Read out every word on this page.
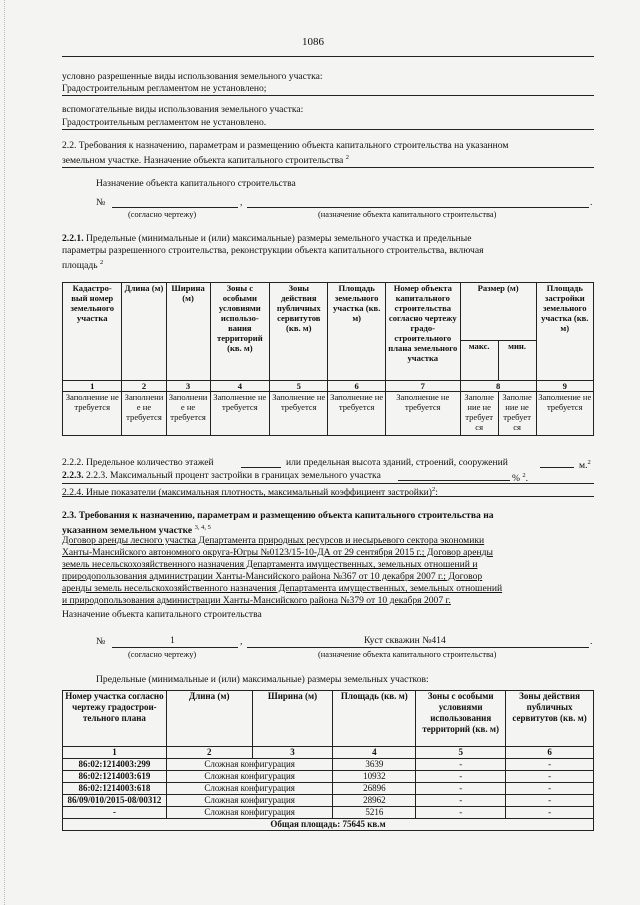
1086
условно разрешенные виды использования земельного участка:
Градостроительным регламентом не установлено;
вспомогательные виды использования земельного участка:
Градостроительным регламентом не установлено.
2.2. Требования к назначению, параметрам и размещению объекта капитального строительства на указанном
земельном участке. Назначение объекта капитального строительства $^2$
Назначение объекта капитального строительства
№	,	.
(согласно чертежу)	(назначение объекта капитального строительства)
2.2.1. Предельные (минимальные и (или) максимальные) размеры земельного участка и предельные
параметры разрешенного строительства, реконструкции объекта капитального строительства, включая
площадь $^2$
Кадастро- вый номер земельного участка	Длина (м)	Ширина (м)	Зоны с особыми условиями использо- вания территорий (кв. м)	Зоны действия публичных сервитутов (кв. м)	Площадь земельного участка (кв. м)	Номер объекта капитального строительства согласно чертежу градо- строительного плана земельного участка	Размер (м)		Площадь застройки земельного участка (кв. м)
							макс.	мин.	
1	2	3	4	5	6	7	8		9
Заполнение не требуется	Заполнени е не требуется	Заполнени е не требуется	Заполнение не требуется	Заполнение не требуется	Заполнение не требуется	Заполнение не требуется	Заполне ние не требует ся	Заполне ние не требует ся	Заполнение не требуется
2.2.2. Предельное количество этажей	или предельная высота зданий, строений, сооружений	м.$^2$
2.2.3. 2.2.3. Максимальный процент застройки в границах земельного участка	% $^2$.
2.2.4. Иные показатели (максимальная плотность, максимальный коэффициент застройки)$^2$:
2.3. Требования к назначению, параметрам и размещению объекта капитального строительства на
указанном земельном участке $^{3, 4, 5}$
Договор аренды лесного участка Департамента природных ресурсов и несырьевого сектора экономики
Ханты-Мансийского автономного округа-Югры №0123/15-10-ДА от 29 сентября 2015 г.; Договор аренды
земель несельскохозяйственного назначения Департамента имущественных, земельных отношений и
природопользования администрации Ханты-Мансийского района №367 от 10 декабря 2007 г.; Договор
аренды земель несельскохозяйственного назначения Департамента имущественных, земельных отношений
и природопользования администрации Ханты-Мансийского района №379 от 10 декабря 2007 г.
Назначение объекта капитального строительства
№	1	,	Куст скважин №414	.
(согласно чертежу)	(назначение объекта капитального строительства)
Предельные (минимальные и (или) максимальные) размеры земельных участков:
Номер участка согласно чертежу градострои- тельного плана	Длина (м)	Ширина (м)	Площадь (кв. м)	Зоны с особыми условиями использования территорий (кв. м)	Зоны действия публичных сервитутов (кв. м)
1	2	3	4	5	6
86:02:1214003:299	Сложная конфигурация		3639	-	-
86:02:1214003:619	Сложная конфигурация		10932	-	-
86:02:1214003:618	Сложная конфигурация		26896	-	-
86/09/010/2015-08/00312	Сложная конфигурация		28962	-	-
-	Сложная конфигурация		5216	-	-
Общая площадь: 75645 кв.м					
